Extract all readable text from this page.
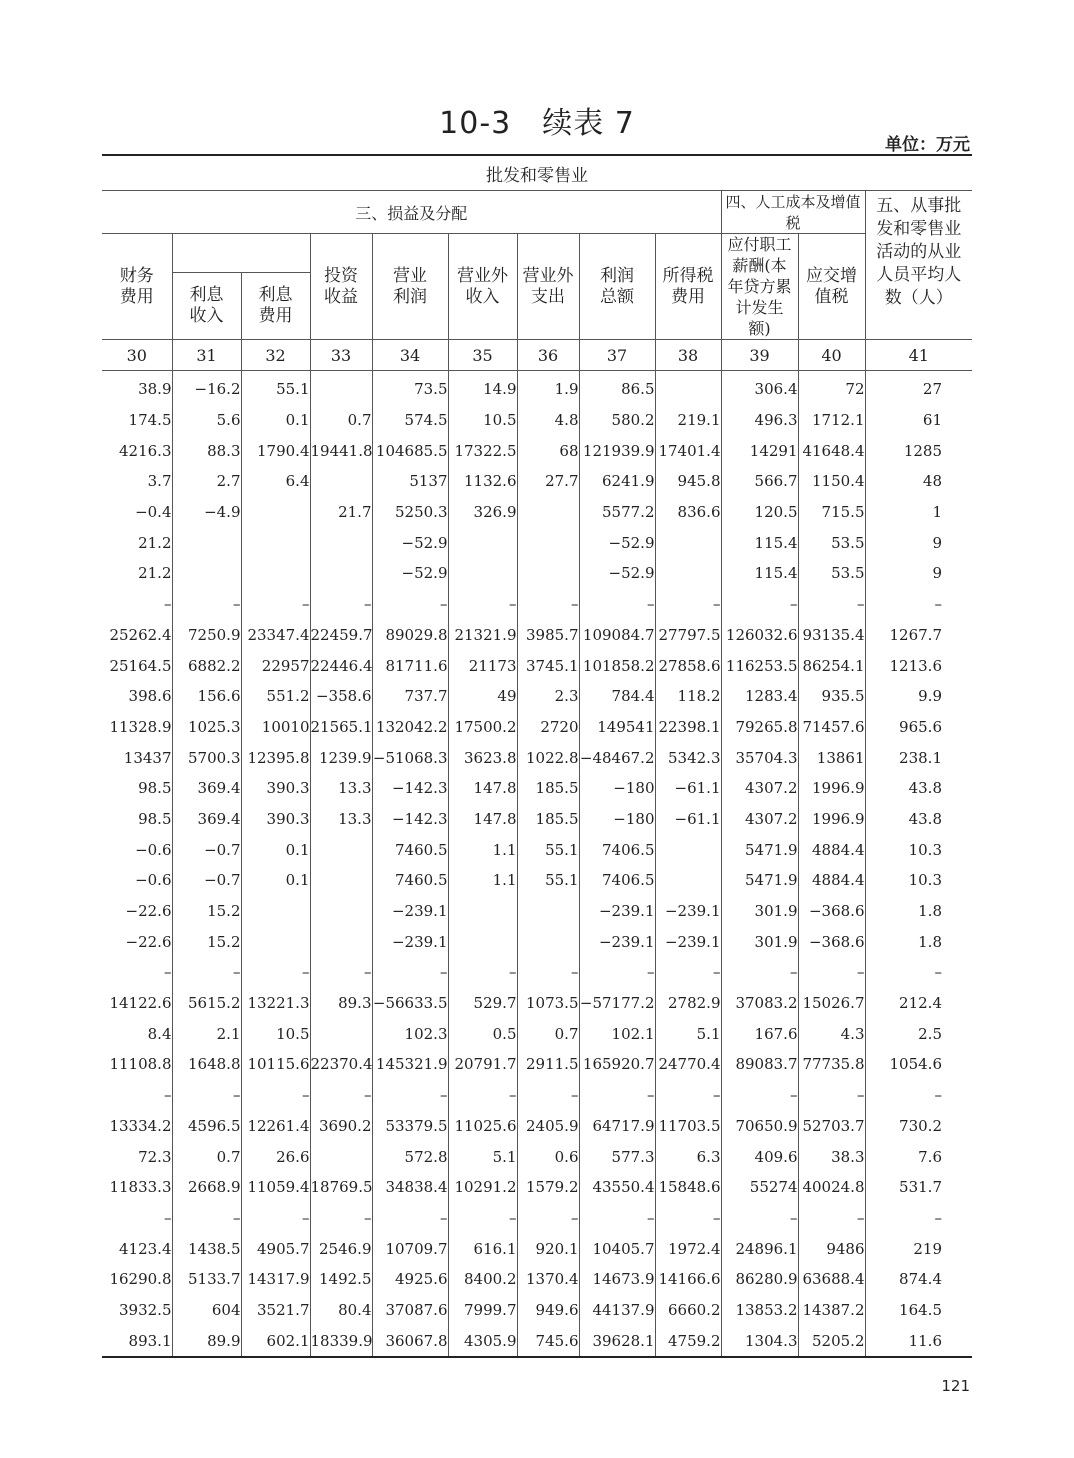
10-3　续表 7
单位：万元
批发和零售业											
三、损益及分配									四、人工成本及增值税		五、从事批发和零售业活动的从业人员平均人数（人）
财务费用			投资收益	营业利润	营业外收入	营业外支出	利润总额	所得税费用	应付职工薪酬(本年贷方累计发生额)	应交增值税	
	利息收入	利息费用									
30	31	32	33	34	35	36	37	38	39	40	41
38.9	−16.2	55.1		73.5	14.9	1.9	86.5		306.4	72	27
174.5	5.6	0.1	0.7	574.5	10.5	4.8	580.2	219.1	496.3	1712.1	61
4216.3	88.3	1790.4	19441.8	104685.5	17322.5	68	121939.9	17401.4	14291	41648.4	1285
3.7	2.7	6.4		5137	1132.6	27.7	6241.9	945.8	566.7	1150.4	48
−0.4	−4.9		21.7	5250.3	326.9		5577.2	836.6	120.5	715.5	1
21.2				−52.9			−52.9		115.4	53.5	9
21.2				−52.9			−52.9		115.4	53.5	9
–	–	–	–	–	–	–	–	–	–	–	–
25262.4	7250.9	23347.4	22459.7	89029.8	21321.9	3985.7	109084.7	27797.5	126032.6	93135.4	1267.7
25164.5	6882.2	22957	22446.4	81711.6	21173	3745.1	101858.2	27858.6	116253.5	86254.1	1213.6
398.6	156.6	551.2	−358.6	737.7	49	2.3	784.4	118.2	1283.4	935.5	9.9
11328.9	1025.3	10010	21565.1	132042.2	17500.2	2720	149541	22398.1	79265.8	71457.6	965.6
13437	5700.3	12395.8	1239.9	−51068.3	3623.8	1022.8	−48467.2	5342.3	35704.3	13861	238.1
98.5	369.4	390.3	13.3	−142.3	147.8	185.5	−180	−61.1	4307.2	1996.9	43.8
98.5	369.4	390.3	13.3	−142.3	147.8	185.5	−180	−61.1	4307.2	1996.9	43.8
−0.6	−0.7	0.1		7460.5	1.1	55.1	7406.5		5471.9	4884.4	10.3
−0.6	−0.7	0.1		7460.5	1.1	55.1	7406.5		5471.9	4884.4	10.3
−22.6	15.2			−239.1			−239.1	−239.1	301.9	−368.6	1.8
−22.6	15.2			−239.1			−239.1	−239.1	301.9	−368.6	1.8
–	–	–	–	–	–	–	–	–	–	–	–
14122.6	5615.2	13221.3	89.3	−56633.5	529.7	1073.5	−57177.2	2782.9	37083.2	15026.7	212.4
8.4	2.1	10.5		102.3	0.5	0.7	102.1	5.1	167.6	4.3	2.5
11108.8	1648.8	10115.6	22370.4	145321.9	20791.7	2911.5	165920.7	24770.4	89083.7	77735.8	1054.6
–	–	–	–	–	–	–	–	–	–	–	–
13334.2	4596.5	12261.4	3690.2	53379.5	11025.6	2405.9	64717.9	11703.5	70650.9	52703.7	730.2
72.3	0.7	26.6		572.8	5.1	0.6	577.3	6.3	409.6	38.3	7.6
11833.3	2668.9	11059.4	18769.5	34838.4	10291.2	1579.2	43550.4	15848.6	55274	40024.8	531.7
–	–	–	–	–	–	–	–	–	–	–	–
4123.4	1438.5	4905.7	2546.9	10709.7	616.1	920.1	10405.7	1972.4	24896.1	9486	219
16290.8	5133.7	14317.9	1492.5	4925.6	8400.2	1370.4	14673.9	14166.6	86280.9	63688.4	874.4
3932.5	604	3521.7	80.4	37087.6	7999.7	949.6	44137.9	6660.2	13853.2	14387.2	164.5
893.1	89.9	602.1	18339.9	36067.8	4305.9	745.6	39628.1	4759.2	1304.3	5205.2	11.6
121
